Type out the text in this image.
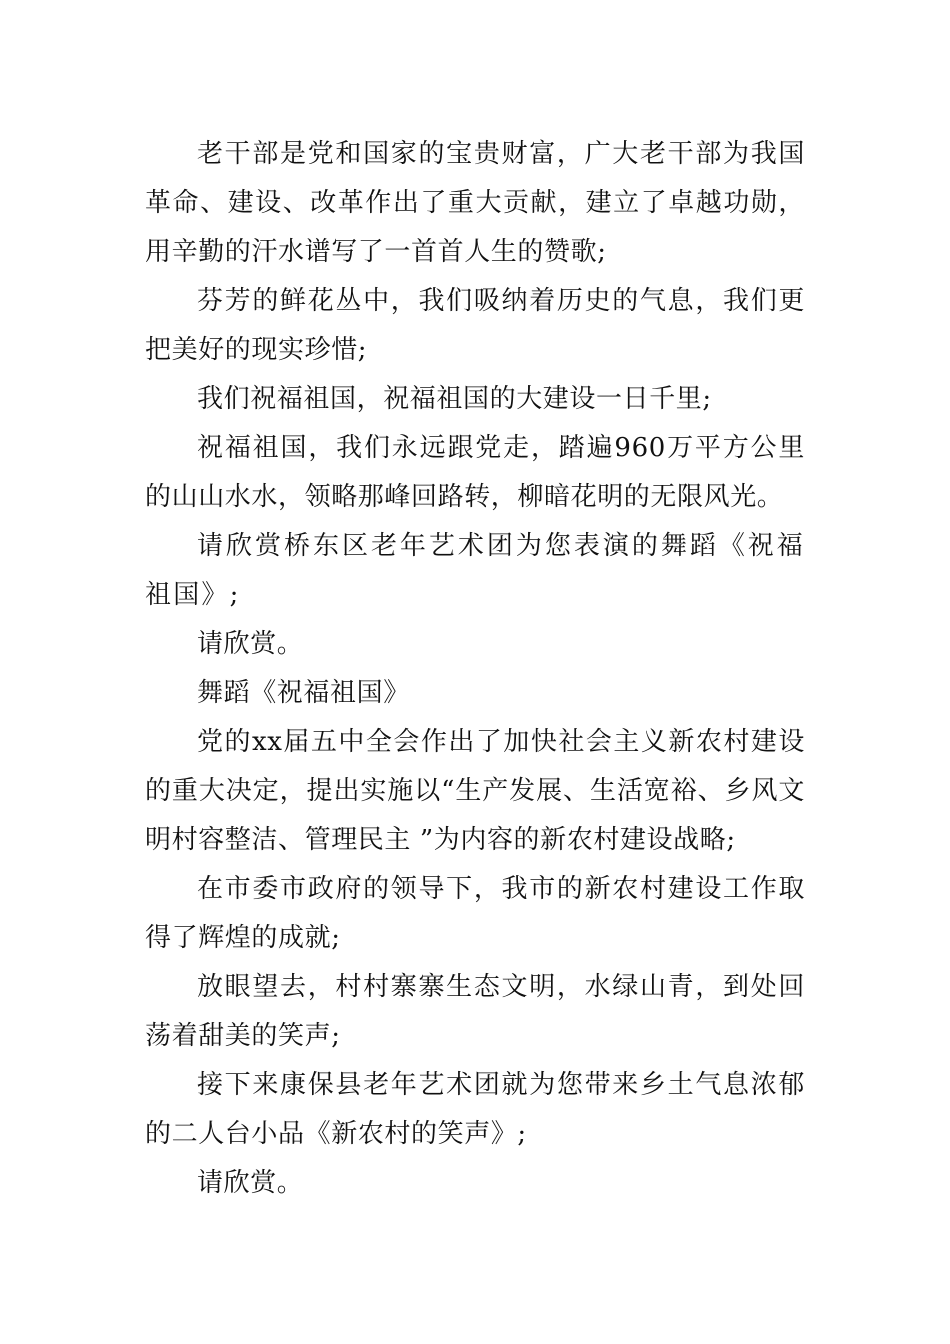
老干部是党和国家的宝贵财富，广大老干部为我国革命、建设、改革作出了重大贡献，建立了卓越功勋，用辛勤的汗水谱写了一首首人生的赞歌;

芬芳的鲜花丛中，我们吸纳着历史的气息，我们更把美好的现实珍惜;

我们祝福祖国，祝福祖国的大建设一日千里;

祝福祖国，我们永远跟党走，踏遍960万平方公里的山山水水，领略那峰回路转，柳暗花明的无限风光。

请欣赏桥东区老年艺术团为您表演的舞蹈《祝福祖国》;

请欣赏。

舞蹈《祝福祖国》

党的xx届五中全会作出了加快社会主义新农村建设的重大决定，提出实施以“生产发展、生活宽裕、乡风文明村容整洁、管理民主 ”为内容的新农村建设战略;

在市委市政府的领导下，我市的新农村建设工作取得了辉煌的成就;

放眼望去，村村寨寨生态文明，水绿山青，到处回荡着甜美的笑声;

接下来康保县老年艺术团就为您带来乡土气息浓郁的二人台小品《新农村的笑声》;

请欣赏。
